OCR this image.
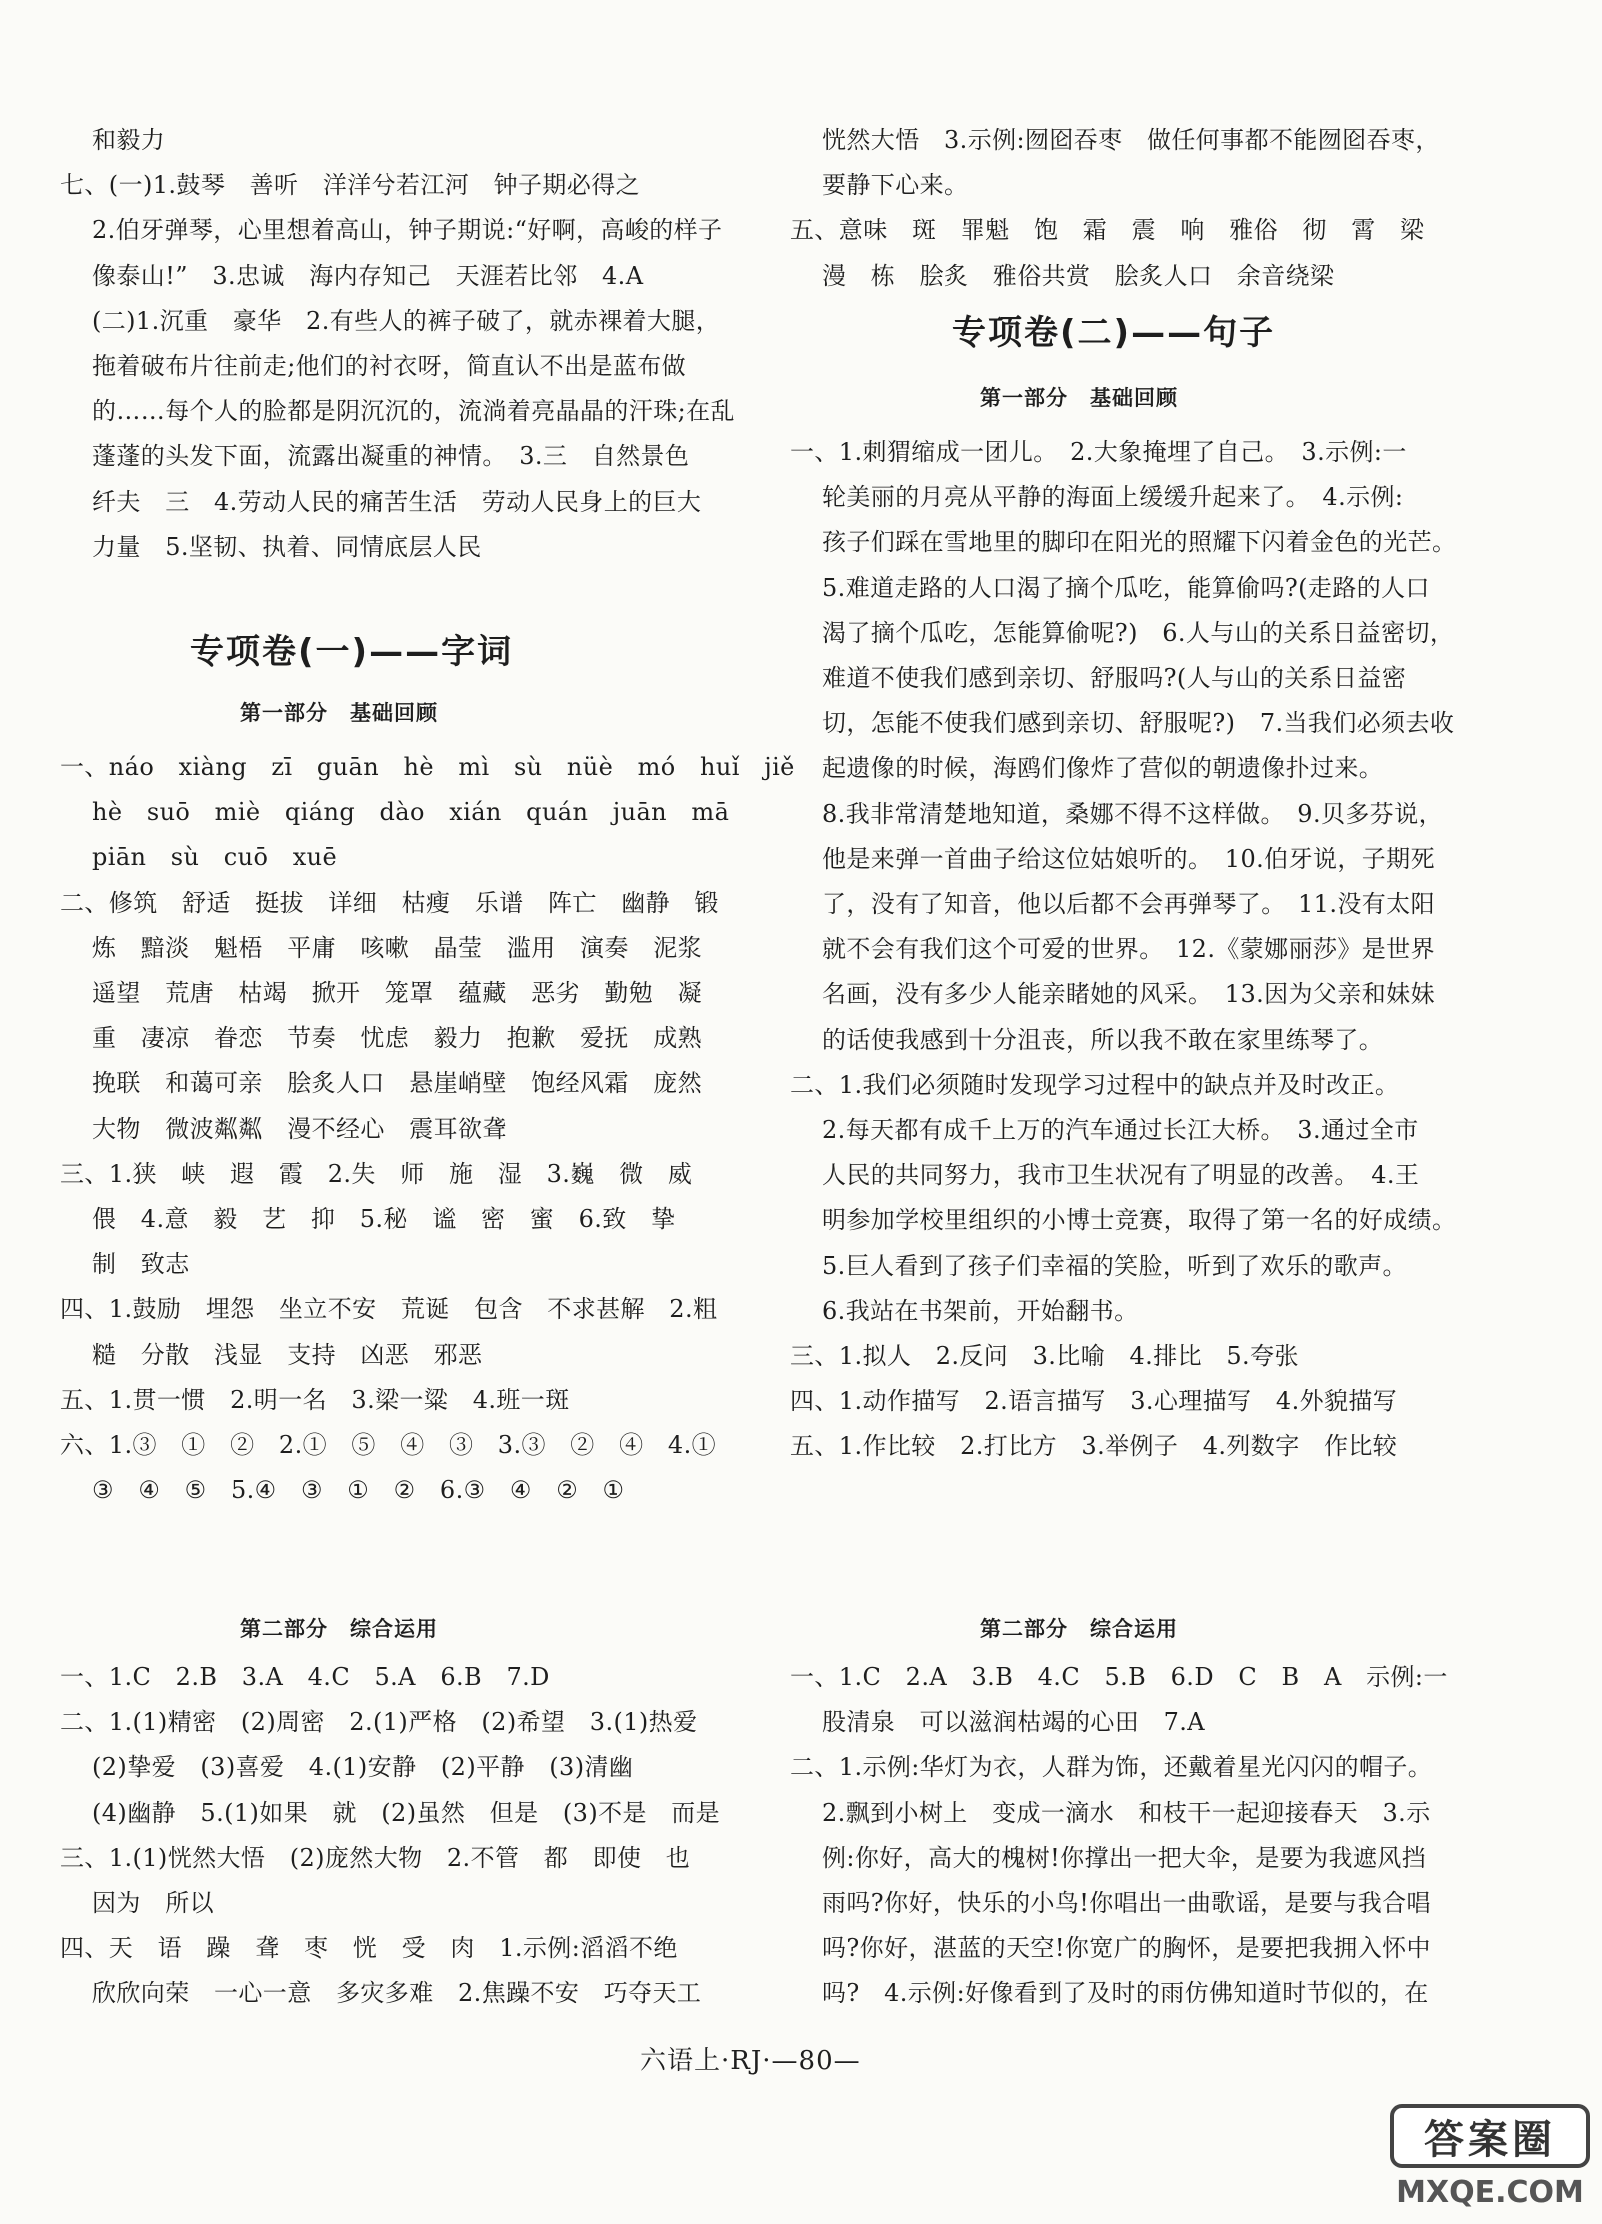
和毅力
七、(一)1.鼓琴　善听　洋洋兮若江河　钟子期必得之
2.伯牙弹琴，心里想着高山，钟子期说:“好啊，高峻的样子
像泰山!”　3.忠诚　海内存知己　天涯若比邻　4.A
(二)1.沉重　豪华　2.有些人的裤子破了，就赤裸着大腿，
拖着破布片往前走;他们的衬衣呀，简直认不出是蓝布做
的……每个人的脸都是阴沉沉的，流淌着亮晶晶的汗珠;在乱
蓬蓬的头发下面，流露出凝重的神情。　3.三　自然景色
纤夫　三　4.劳动人民的痛苦生活　劳动人民身上的巨大
力量　5.坚韧、执着、同情底层人民
专项卷(一)——字词
第一部分　基础回顾
一、náo　xiàng　zī　guān　hè　mì　sù　nüè　mó　huǐ　jiě
hè　suō　miè　qiáng　dào　xián　quán　juān　mā
piān　sù　cuō　xuē
二、修筑　舒适　挺拔　详细　枯瘦　乐谱　阵亡　幽静　锻
炼　黯淡　魁梧　平庸　咳嗽　晶莹　滥用　演奏　泥浆
遥望　荒唐　枯竭　掀开　笼罩　蕴藏　恶劣　勤勉　凝
重　凄凉　眷恋　节奏　忧虑　毅力　抱歉　爱抚　成熟
挽联　和蔼可亲　脍炙人口　悬崖峭壁　饱经风霜　庞然
大物　微波粼粼　漫不经心　震耳欲聋
三、1.狭　峡　遐　霞　2.失　师　施　湿　3.巍　微　威
偎　4.意　毅　艺　抑　5.秘　谧　密　蜜　6.致　挚
制　致志
四、1.鼓励　埋怨　坐立不安　荒诞　包含　不求甚解　2.粗
糙　分散　浅显　支持　凶恶　邪恶
五、1.贯一惯　2.明一名　3.梁一粱　4.班一斑
六、1.③　①　②　2.①　⑤　④　③　3.③　②　④　4.①
③　④　⑤　5.④　③　①　②　6.③　④　②　①
第二部分　综合运用
一、1.C　2.B　3.A　4.C　5.A　6.B　7.D
二、1.(1)精密　(2)周密　2.(1)严格　(2)希望　3.(1)热爱
(2)挚爱　(3)喜爱　4.(1)安静　(2)平静　(3)清幽
(4)幽静　5.(1)如果　就　(2)虽然　但是　(3)不是　而是
三、1.(1)恍然大悟　(2)庞然大物　2.不管　都　即使　也
因为　所以
四、天　语　躁　聋　枣　恍　受　肉　1.示例:滔滔不绝
欣欣向荣　一心一意　多灾多难　2.焦躁不安　巧夺天工
恍然大悟　3.示例:囫囵吞枣　做任何事都不能囫囵吞枣，
要静下心来。
五、意味　斑　罪魁　饱　霜　震　响　雅俗　彻　霄　梁
漫　栋　脍炙　雅俗共赏　脍炙人口　余音绕梁
专项卷(二)——句子
第一部分　基础回顾
一、1.刺猬缩成一团儿。　2.大象掩埋了自己。　3.示例:一
轮美丽的月亮从平静的海面上缓缓升起来了。　4.示例:
孩子们踩在雪地里的脚印在阳光的照耀下闪着金色的光芒。
5.难道走路的人口渴了摘个瓜吃，能算偷吗?(走路的人口
渴了摘个瓜吃，怎能算偷呢?)　6.人与山的关系日益密切，
难道不使我们感到亲切、舒服吗?(人与山的关系日益密
切，怎能不使我们感到亲切、舒服呢?)　7.当我们必须去收
起遗像的时候，海鸥们像炸了营似的朝遗像扑过来。
8.我非常清楚地知道，桑娜不得不这样做。　9.贝多芬说，
他是来弹一首曲子给这位姑娘听的。　10.伯牙说，子期死
了，没有了知音，他以后都不会再弹琴了。　11.没有太阳
就不会有我们这个可爱的世界。　12.《蒙娜丽莎》是世界
名画，没有多少人能亲睹她的风采。　13.因为父亲和妹妹
的话使我感到十分沮丧，所以我不敢在家里练琴了。
二、1.我们必须随时发现学习过程中的缺点并及时改正。
2.每天都有成千上万的汽车通过长江大桥。　3.通过全市
人民的共同努力，我市卫生状况有了明显的改善。　4.王
明参加学校里组织的小博士竞赛，取得了第一名的好成绩。
5.巨人看到了孩子们幸福的笑脸，听到了欢乐的歌声。
6.我站在书架前，开始翻书。
三、1.拟人　2.反问　3.比喻　4.排比　5.夸张
四、1.动作描写　2.语言描写　3.心理描写　4.外貌描写
五、1.作比较　2.打比方　3.举例子　4.列数字　作比较
第二部分　综合运用
一、1.C　2.A　3.B　4.C　5.B　6.D　C　B　A　示例:一
股清泉　可以滋润枯竭的心田　7.A
二、1.示例:华灯为衣，人群为饰，还戴着星光闪闪的帽子。
2.飘到小树上　变成一滴水　和枝干一起迎接春天　3.示
例:你好，高大的槐树!你撑出一把大伞，是要为我遮风挡
雨吗?你好，快乐的小鸟!你唱出一曲歌谣，是要与我合唱
吗?你好，湛蓝的天空!你宽广的胸怀，是要把我拥入怀中
吗?　4.示例:好像看到了及时的雨仿佛知道时节似的，在
六语上·RJ·—80—
答案圈
MXQE.COM
